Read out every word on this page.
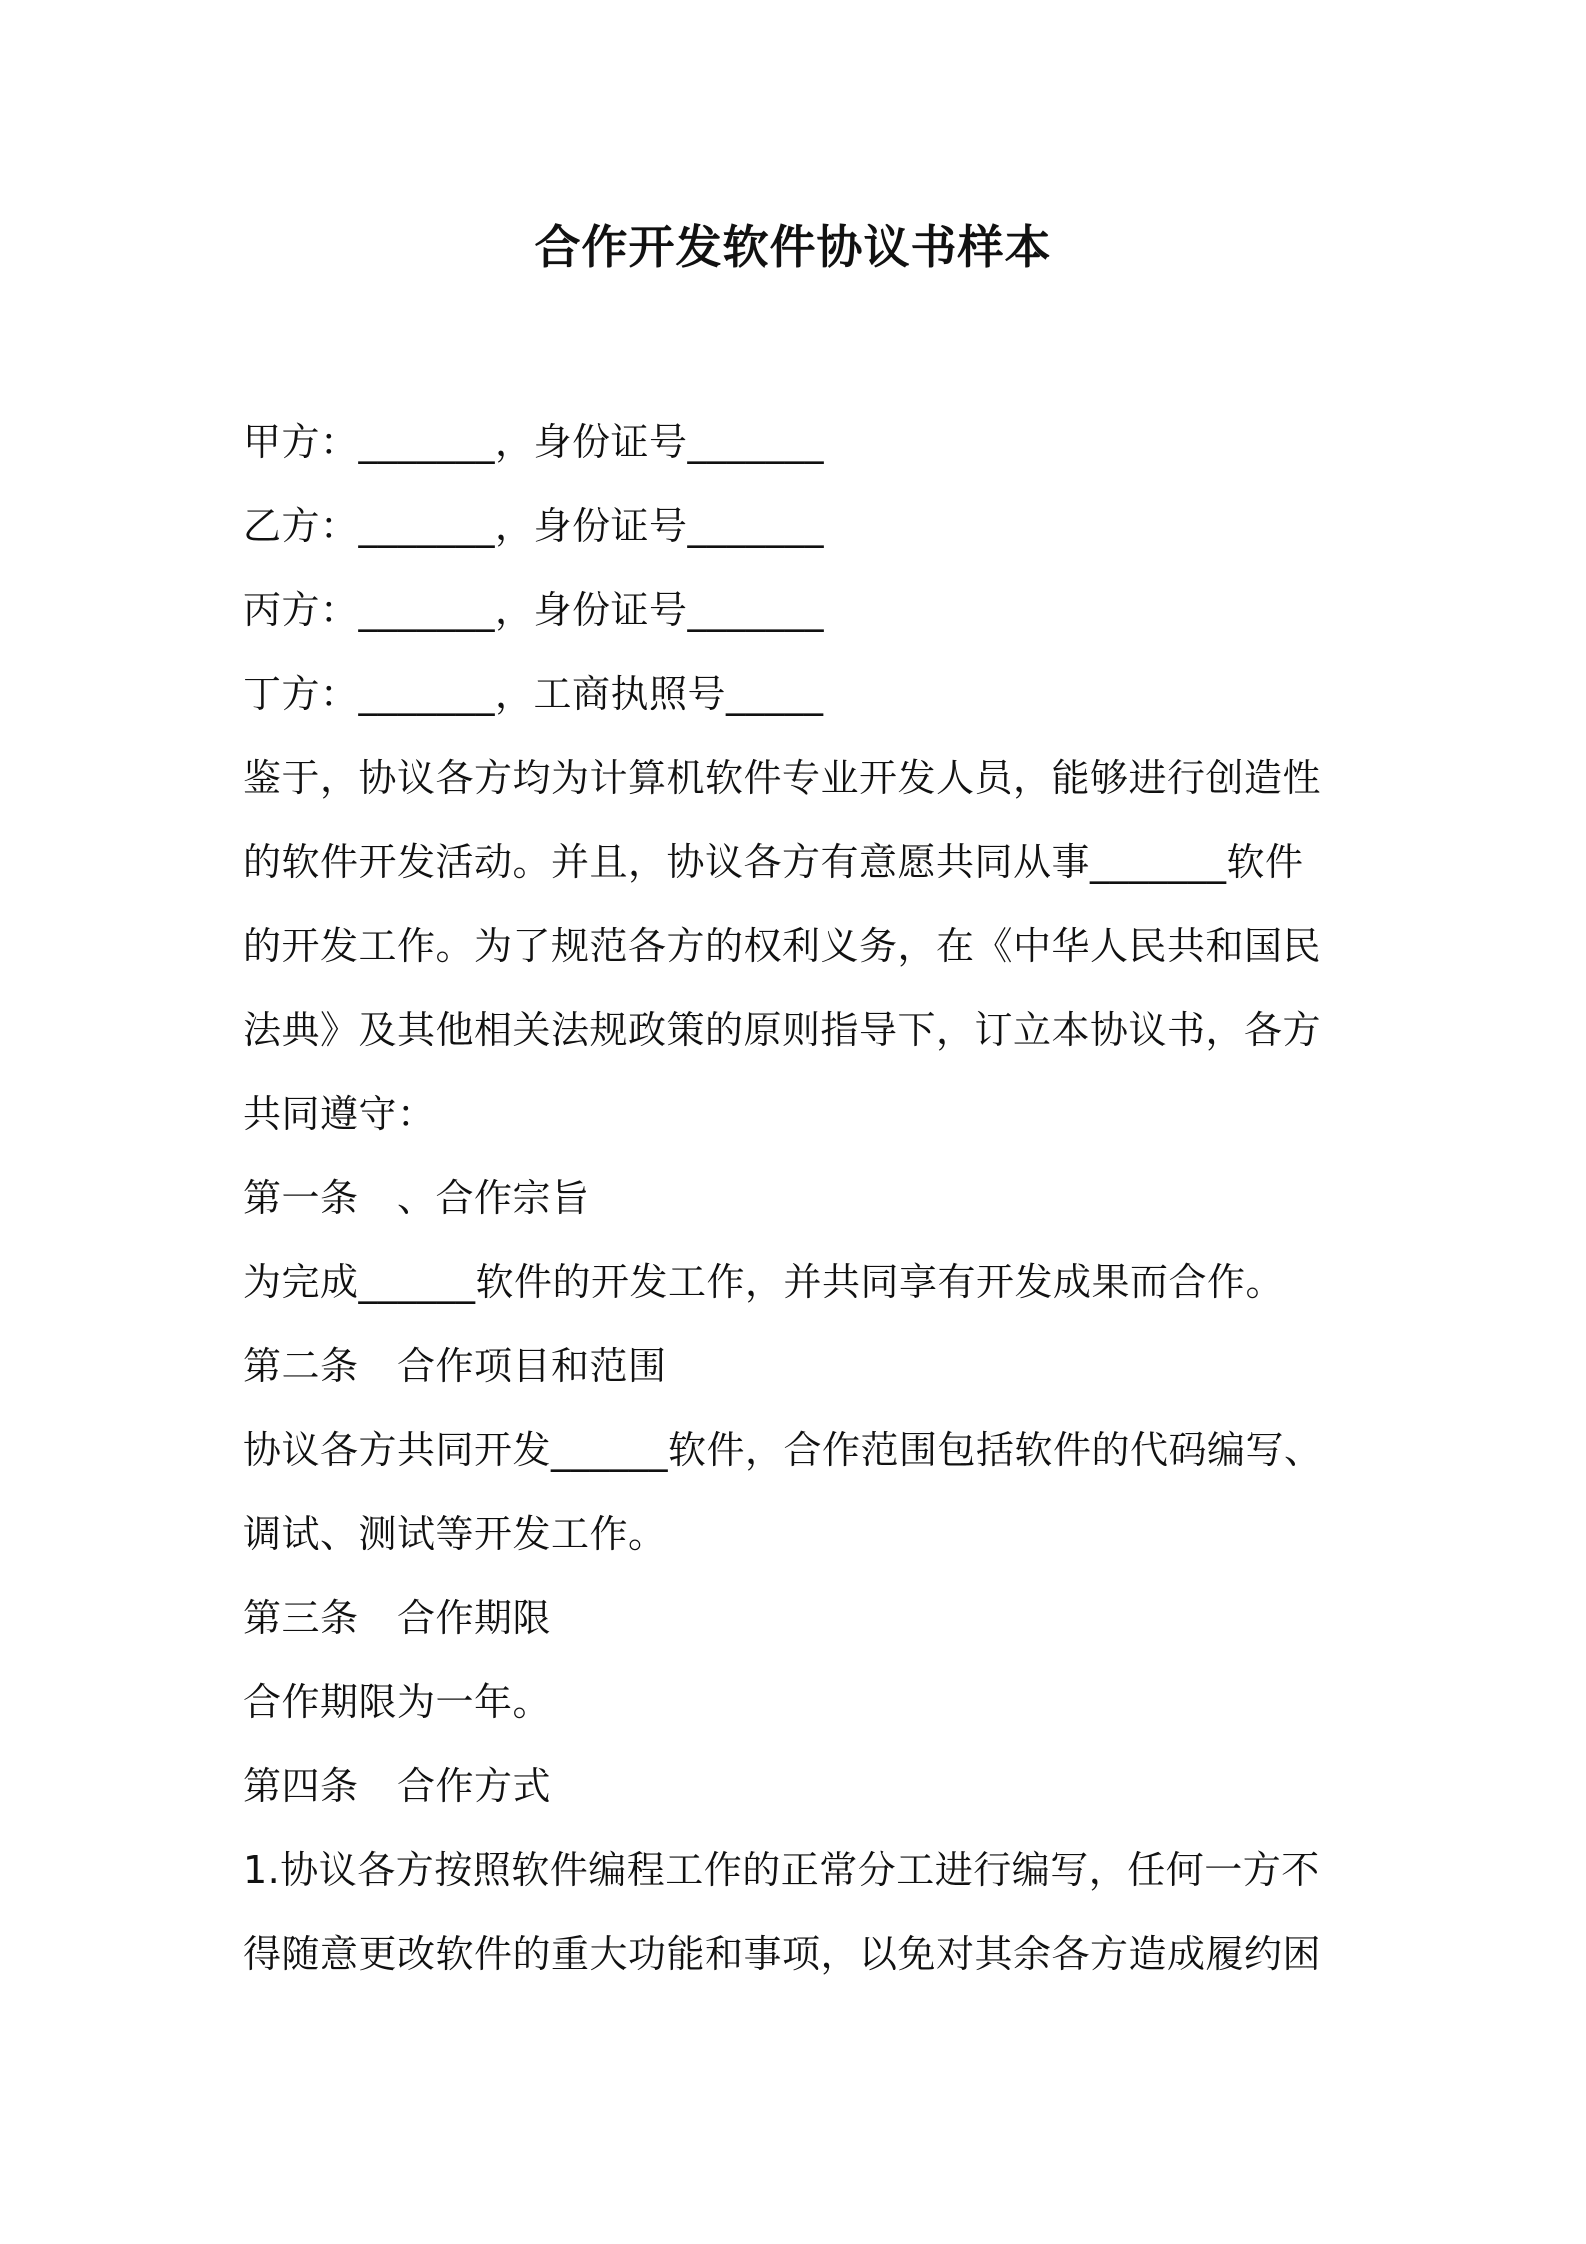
合作开发软件协议书样本
甲方：_______，身份证号_______
乙方：_______，身份证号_______
丙方：_______，身份证号_______
丁方：_______，工商执照号_____
鉴于，协议各方均为计算机软件专业开发人员，能够进行创造性
的软件开发活动。并且，协议各方有意愿共同从事_______软件
的开发工作。为了规范各方的权利义务，在《中华人民共和国民
法典》及其他相关法规政策的原则指导下，订立本协议书，各方
共同遵守：
第一条　、合作宗旨
为完成______软件的开发工作，并共同享有开发成果而合作。
第二条　合作项目和范围
协议各方共同开发______软件，合作范围包括软件的代码编写、
调试、测试等开发工作。
第三条　合作期限
合作期限为一年。
第四条　合作方式
1.协议各方按照软件编程工作的正常分工进行编写，任何一方不
得随意更改软件的重大功能和事项，以免对其余各方造成履约困
